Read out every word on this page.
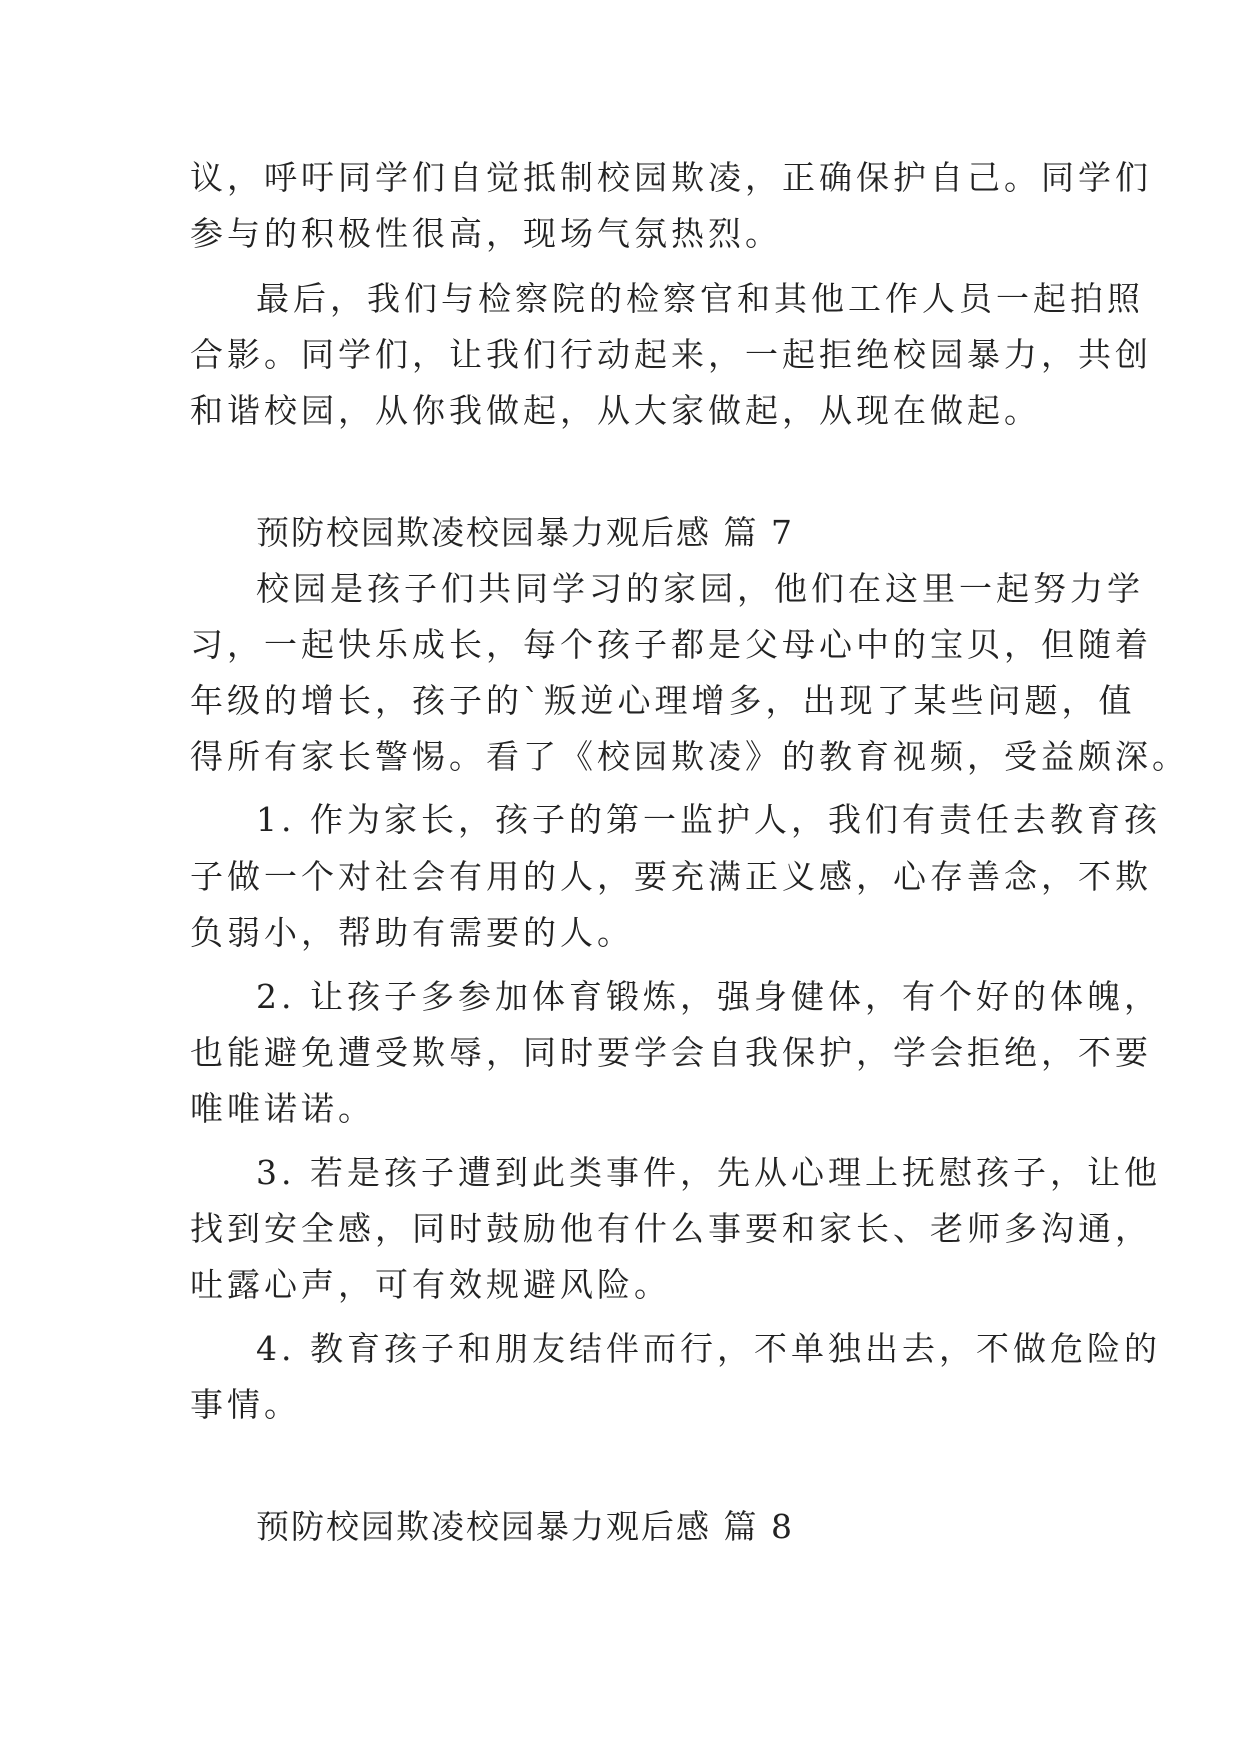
议，呼吁同学们自觉抵制校园欺凌，正确保护自己。同学们
参与的积极性很高，现场气氛热烈。
最后，我们与检察院的检察官和其他工作人员一起拍照
合影。同学们，让我们行动起来，一起拒绝校园暴力，共创
和谐校园，从你我做起，从大家做起，从现在做起。
预防校园欺凌校园暴力观后感 篇 7
校园是孩子们共同学习的家园，他们在这里一起努力学
习，一起快乐成长，每个孩子都是父母心中的宝贝，但随着
年级的增长，孩子的`叛逆心理增多，出现了某些问题，值
得所有家长警惕。看了《校园欺凌》的教育视频，受益颇深。
1. 作为家长，孩子的第一监护人，我们有责任去教育孩
子做一个对社会有用的人，要充满正义感，心存善念，不欺
负弱小，帮助有需要的人。
2. 让孩子多参加体育锻炼，强身健体，有个好的体魄，
也能避免遭受欺辱，同时要学会自我保护，学会拒绝，不要
唯唯诺诺。
3. 若是孩子遭到此类事件，先从心理上抚慰孩子，让他
找到安全感，同时鼓励他有什么事要和家长、老师多沟通，
吐露心声，可有效规避风险。
4. 教育孩子和朋友结伴而行，不单独出去，不做危险的
事情。
预防校园欺凌校园暴力观后感 篇 8
